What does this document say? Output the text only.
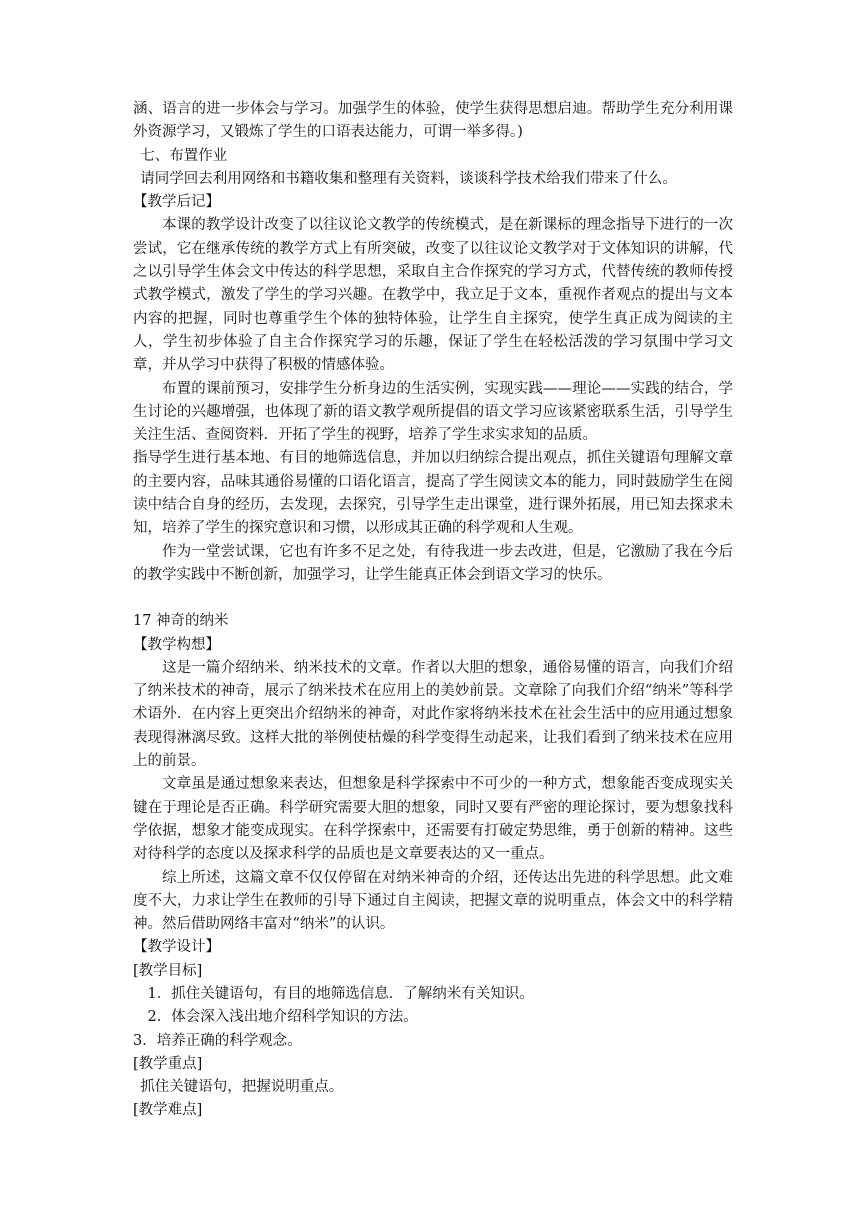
涵、语言的进一步体会与学习。加强学生的体验，使学生获得思想启迪。帮助学生充分利用课外资源学习，又锻炼了学生的口语表达能力，可谓一举多得。)

七、布置作业
请同学回去利用网络和书籍收集和整理有关资料，谈谈科学技术给我们带来了什么。
【教学后记】

本课的教学设计改变了以往议论文教学的传统模式，是在新课标的理念指导下进行的一次尝试，它在继承传统的教学方式上有所突破，改变了以往议论文教学对于文体知识的讲解，代之以引导学生体会文中传达的科学思想，采取自主合作探究的学习方式，代替传统的教师传授式教学模式，激发了学生的学习兴趣。在教学中，我立足于文本，重视作者观点的提出与文本内容的把握，同时也尊重学生个体的独特体验，让学生自主探究，使学生真正成为阅读的主人，学生初步体验了自主合作探究学习的乐趣，保证了学生在轻松活泼的学习氛围中学习文章，并从学习中获得了积极的情感体验。

布置的课前预习，安排学生分析身边的生活实例，实现实践——理论——实践的结合，学生讨论的兴趣增强，也体现了新的语文教学观所提倡的语文学习应该紧密联系生活，引导学生关注生活、查阅资料．开拓了学生的视野，培养了学生求实求知的品质。

指导学生进行基本地、有目的地筛选信息，并加以归纳综合提出观点，抓住关键语句理解文章的主要内容，品味其通俗易懂的口语化语言，提高了学生阅读文本的能力，同时鼓励学生在阅读中结合自身的经历，去发现，去探究，引导学生走出课堂，进行课外拓展，用已知去探求未知，培养了学生的探究意识和习惯，以形成其正确的科学观和人生观。

作为一堂尝试课，它也有许多不足之处，有待我进一步去改进，但是，它激励了我在今后的教学实践中不断创新，加强学习，让学生能真正体会到语文学习的快乐。

17 神奇的纳米
【教学构想】

这是一篇介绍纳米、纳米技术的文章。作者以大胆的想象，通俗易懂的语言，向我们介绍了纳米技术的神奇，展示了纳米技术在应用上的美妙前景。文章除了向我们介绍“纳米”等科学术语外．在内容上更突出介绍纳米的神奇，对此作家将纳米技术在社会生活中的应用通过想象表现得淋漓尽致。这样大批的举例使枯燥的科学变得生动起来，让我们看到了纳米技术在应用上的前景。

文章虽是通过想象来表达，但想象是科学探索中不可少的一种方式，想象能否变成现实关键在于理论是否正确。科学研究需要大胆的想象，同时又要有严密的理论探讨，要为想象找科学依据，想象才能变成现实。在科学探索中，还需要有打破定势思维，勇于创新的精神。这些对待科学的态度以及探求科学的品质也是文章要表达的又一重点。

综上所述，这篇文章不仅仅停留在对纳米神奇的介绍，还传达出先进的科学思想。此文难度不大，力求让学生在教师的引导下通过自主阅读，把握文章的说明重点，体会文中的科学精神。然后借助网络丰富对“纳米”的认识。

【教学设计】
[教学目标]
1．抓住关键语句，有目的地筛选信息．了解纳米有关知识。
2．体会深入浅出地介绍科学知识的方法。
3．培养正确的科学观念。
[教学重点]
抓住关键语句，把握说明重点。
[教学难点]
